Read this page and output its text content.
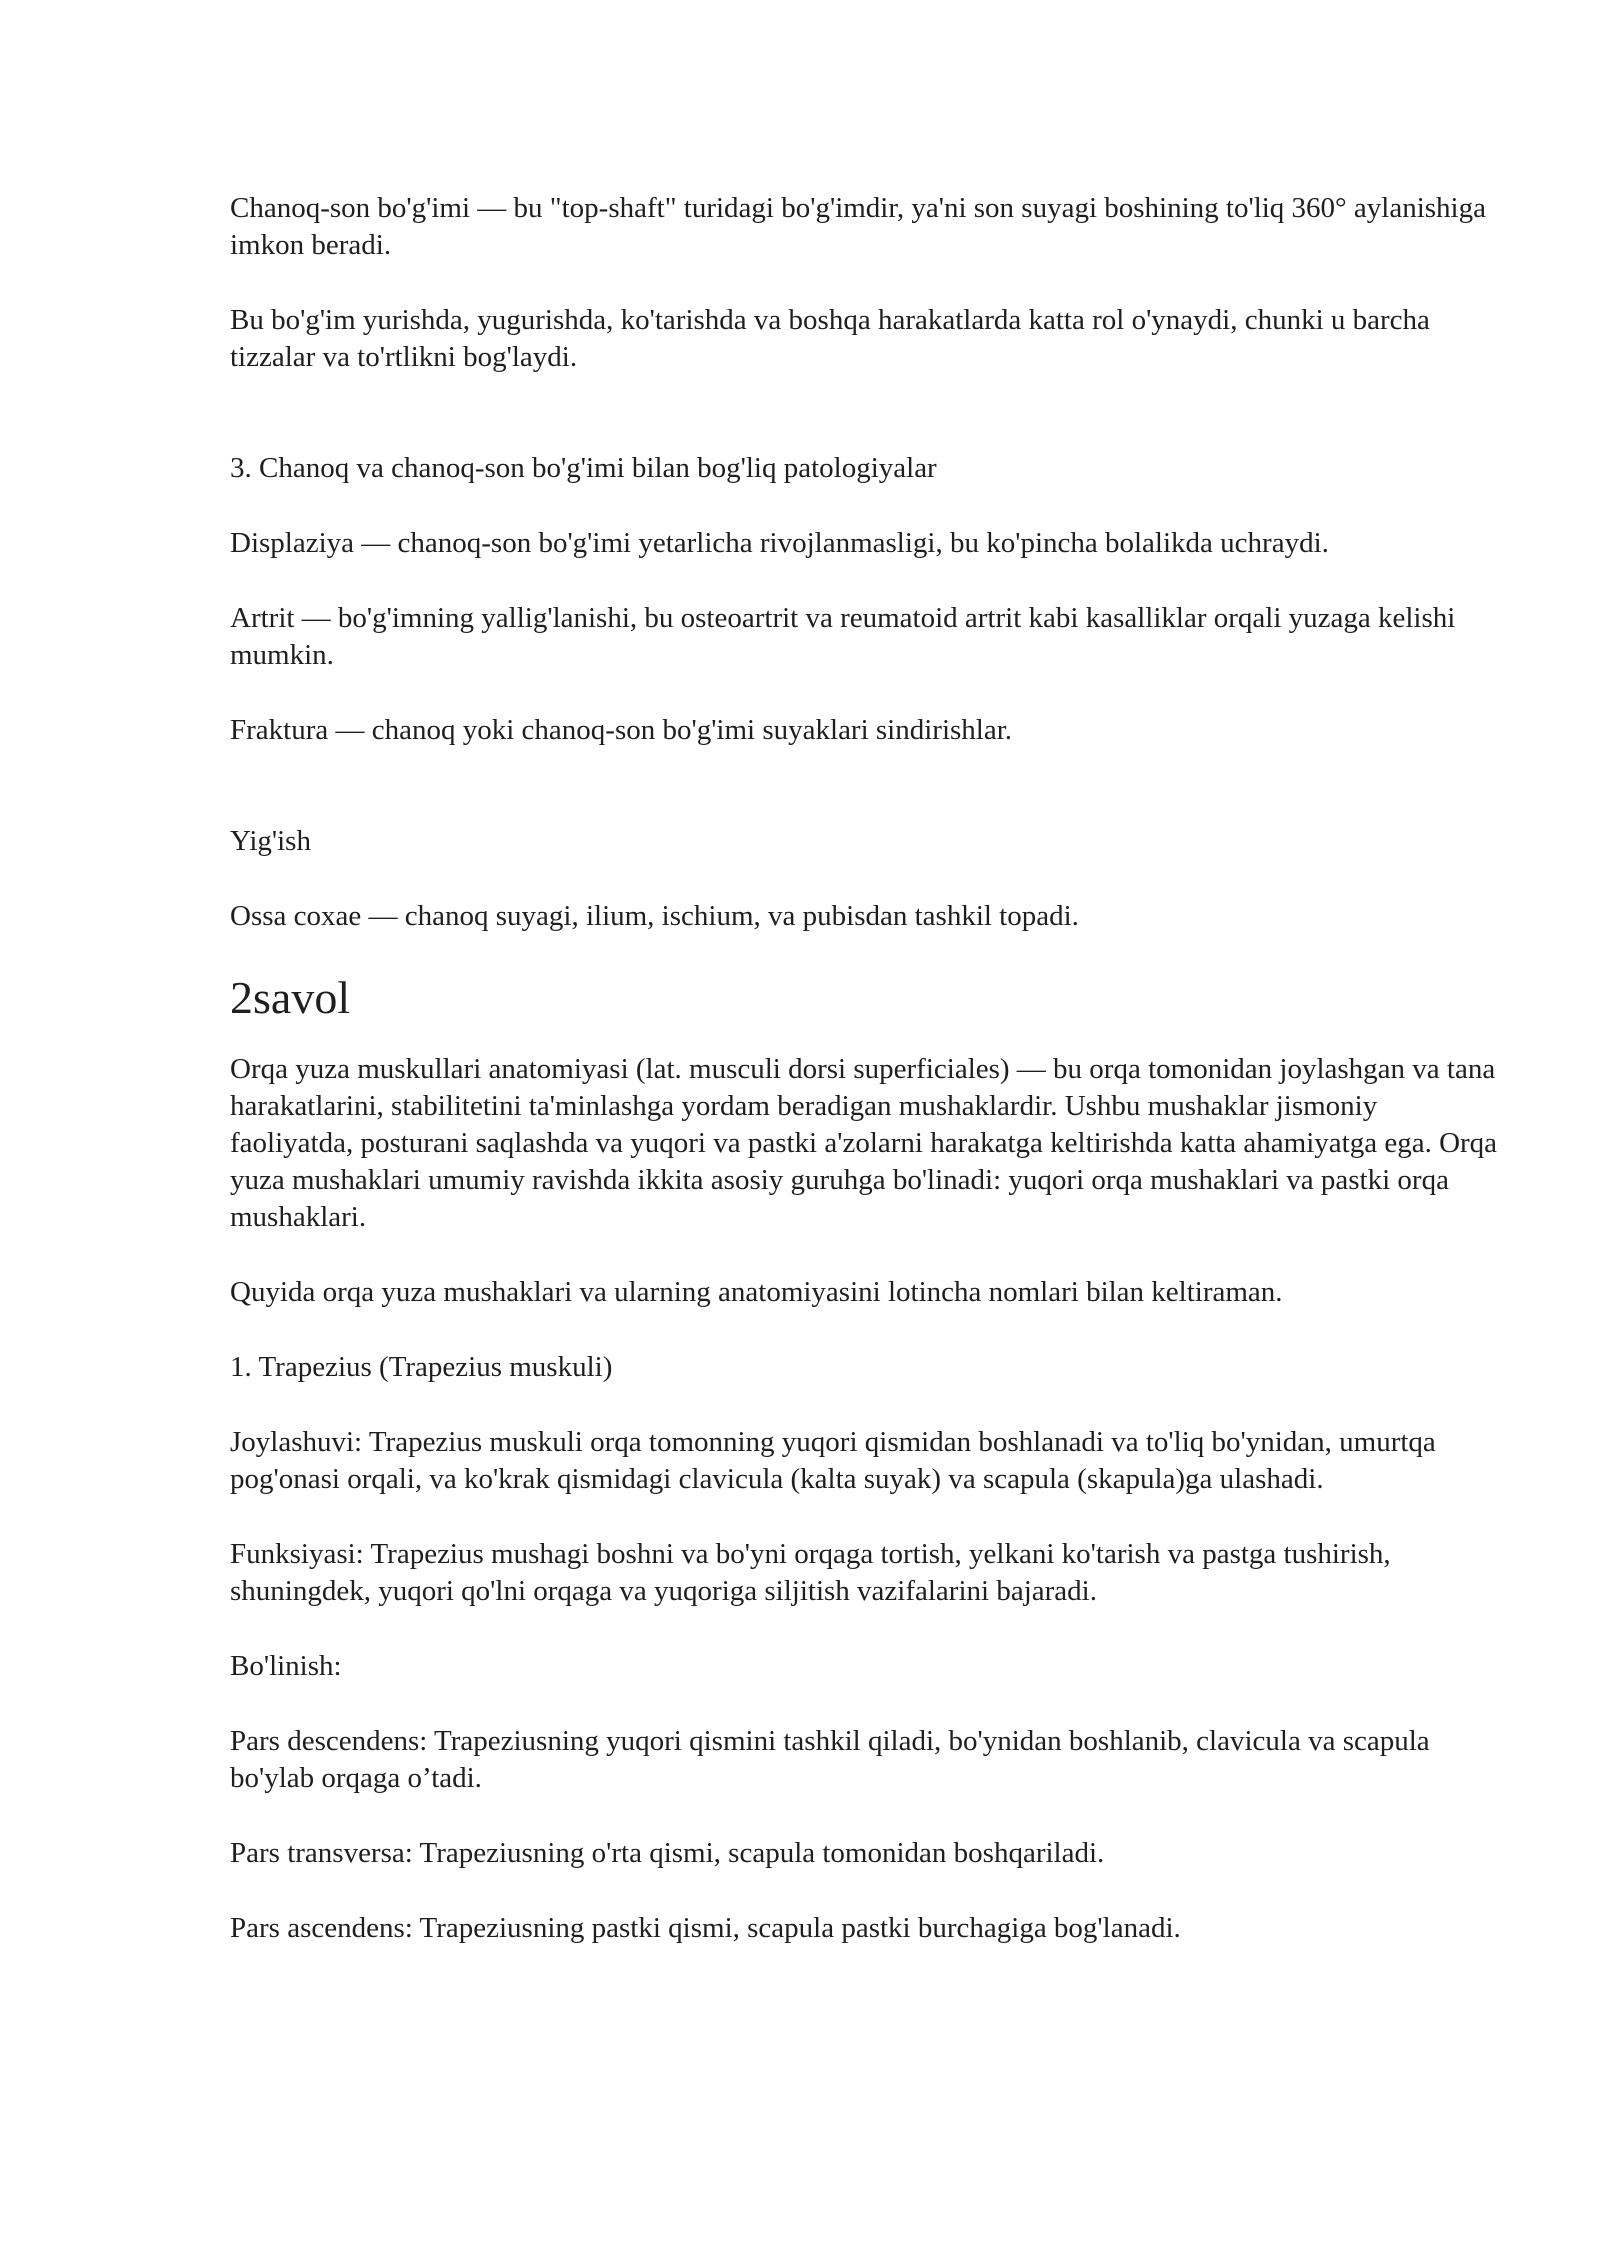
Chanoq-son bo'g'imi — bu "top-shaft" turidagi bo'g'imdir, ya'ni son suyagi boshining to'liq 360° aylanishiga imkon beradi.

Bu bo'g'im yurishda, yugurishda, ko'tarishda va boshqa harakatlarda katta rol o'ynaydi, chunki u barcha tizzalar va to'rtlikni bog'laydi.

3. Chanoq va chanoq-son bo'g'imi bilan bog'liq patologiyalar

Displaziya — chanoq-son bo'g'imi yetarlicha rivojlanmasligi, bu ko'pincha bolalikda uchraydi.

Artrit — bo'g'imning yallig'lanishi, bu osteoartrit va reumatoid artrit kabi kasalliklar orqali yuzaga kelishi mumkin.

Fraktura — chanoq yoki chanoq-son bo'g'imi suyaklari sindirishlar.

Yig'ish

Ossa coxae — chanoq suyagi, ilium, ischium, va pubisdan tashkil topadi.

2savol

Orqa yuza muskullari anatomiyasi (lat. musculi dorsi superficiales) — bu orqa tomonidan joylashgan va tana harakatlarini, stabilitetini ta'minlashga yordam beradigan mushaklardir. Ushbu mushaklar jismoniy faoliyatda, posturani saqlashda va yuqori va pastki a'zolarni harakatga keltirishda katta ahamiyatga ega. Orqa yuza mushaklari umumiy ravishda ikkita asosiy guruhga bo'linadi: yuqori orqa mushaklari va pastki orqa mushaklari.

Quyida orqa yuza mushaklari va ularning anatomiyasini lotincha nomlari bilan keltiraman.

1. Trapezius (Trapezius muskuli)

Joylashuvi: Trapezius muskuli orqa tomonning yuqori qismidan boshlanadi va to'liq bo'ynidan, umurtqa pog'onasi orqali, va ko'krak qismidagi clavicula (kalta suyak) va scapula (skapula)ga ulashadi.

Funksiyasi: Trapezius mushagi boshni va bo'yni orqaga tortish, yelkani ko'tarish va pastga tushirish, shuningdek, yuqori qo'lni orqaga va yuqoriga siljitish vazifalarini bajaradi.

Bo'linish:

Pars descendens: Trapeziusning yuqori qismini tashkil qiladi, bo'ynidan boshlanib, clavicula va scapula bo'ylab orqaga o’tadi.

Pars transversa: Trapeziusning o'rta qismi, scapula tomonidan boshqariladi.

Pars ascendens: Trapeziusning pastki qismi, scapula pastki burchagiga bog'lanadi.
